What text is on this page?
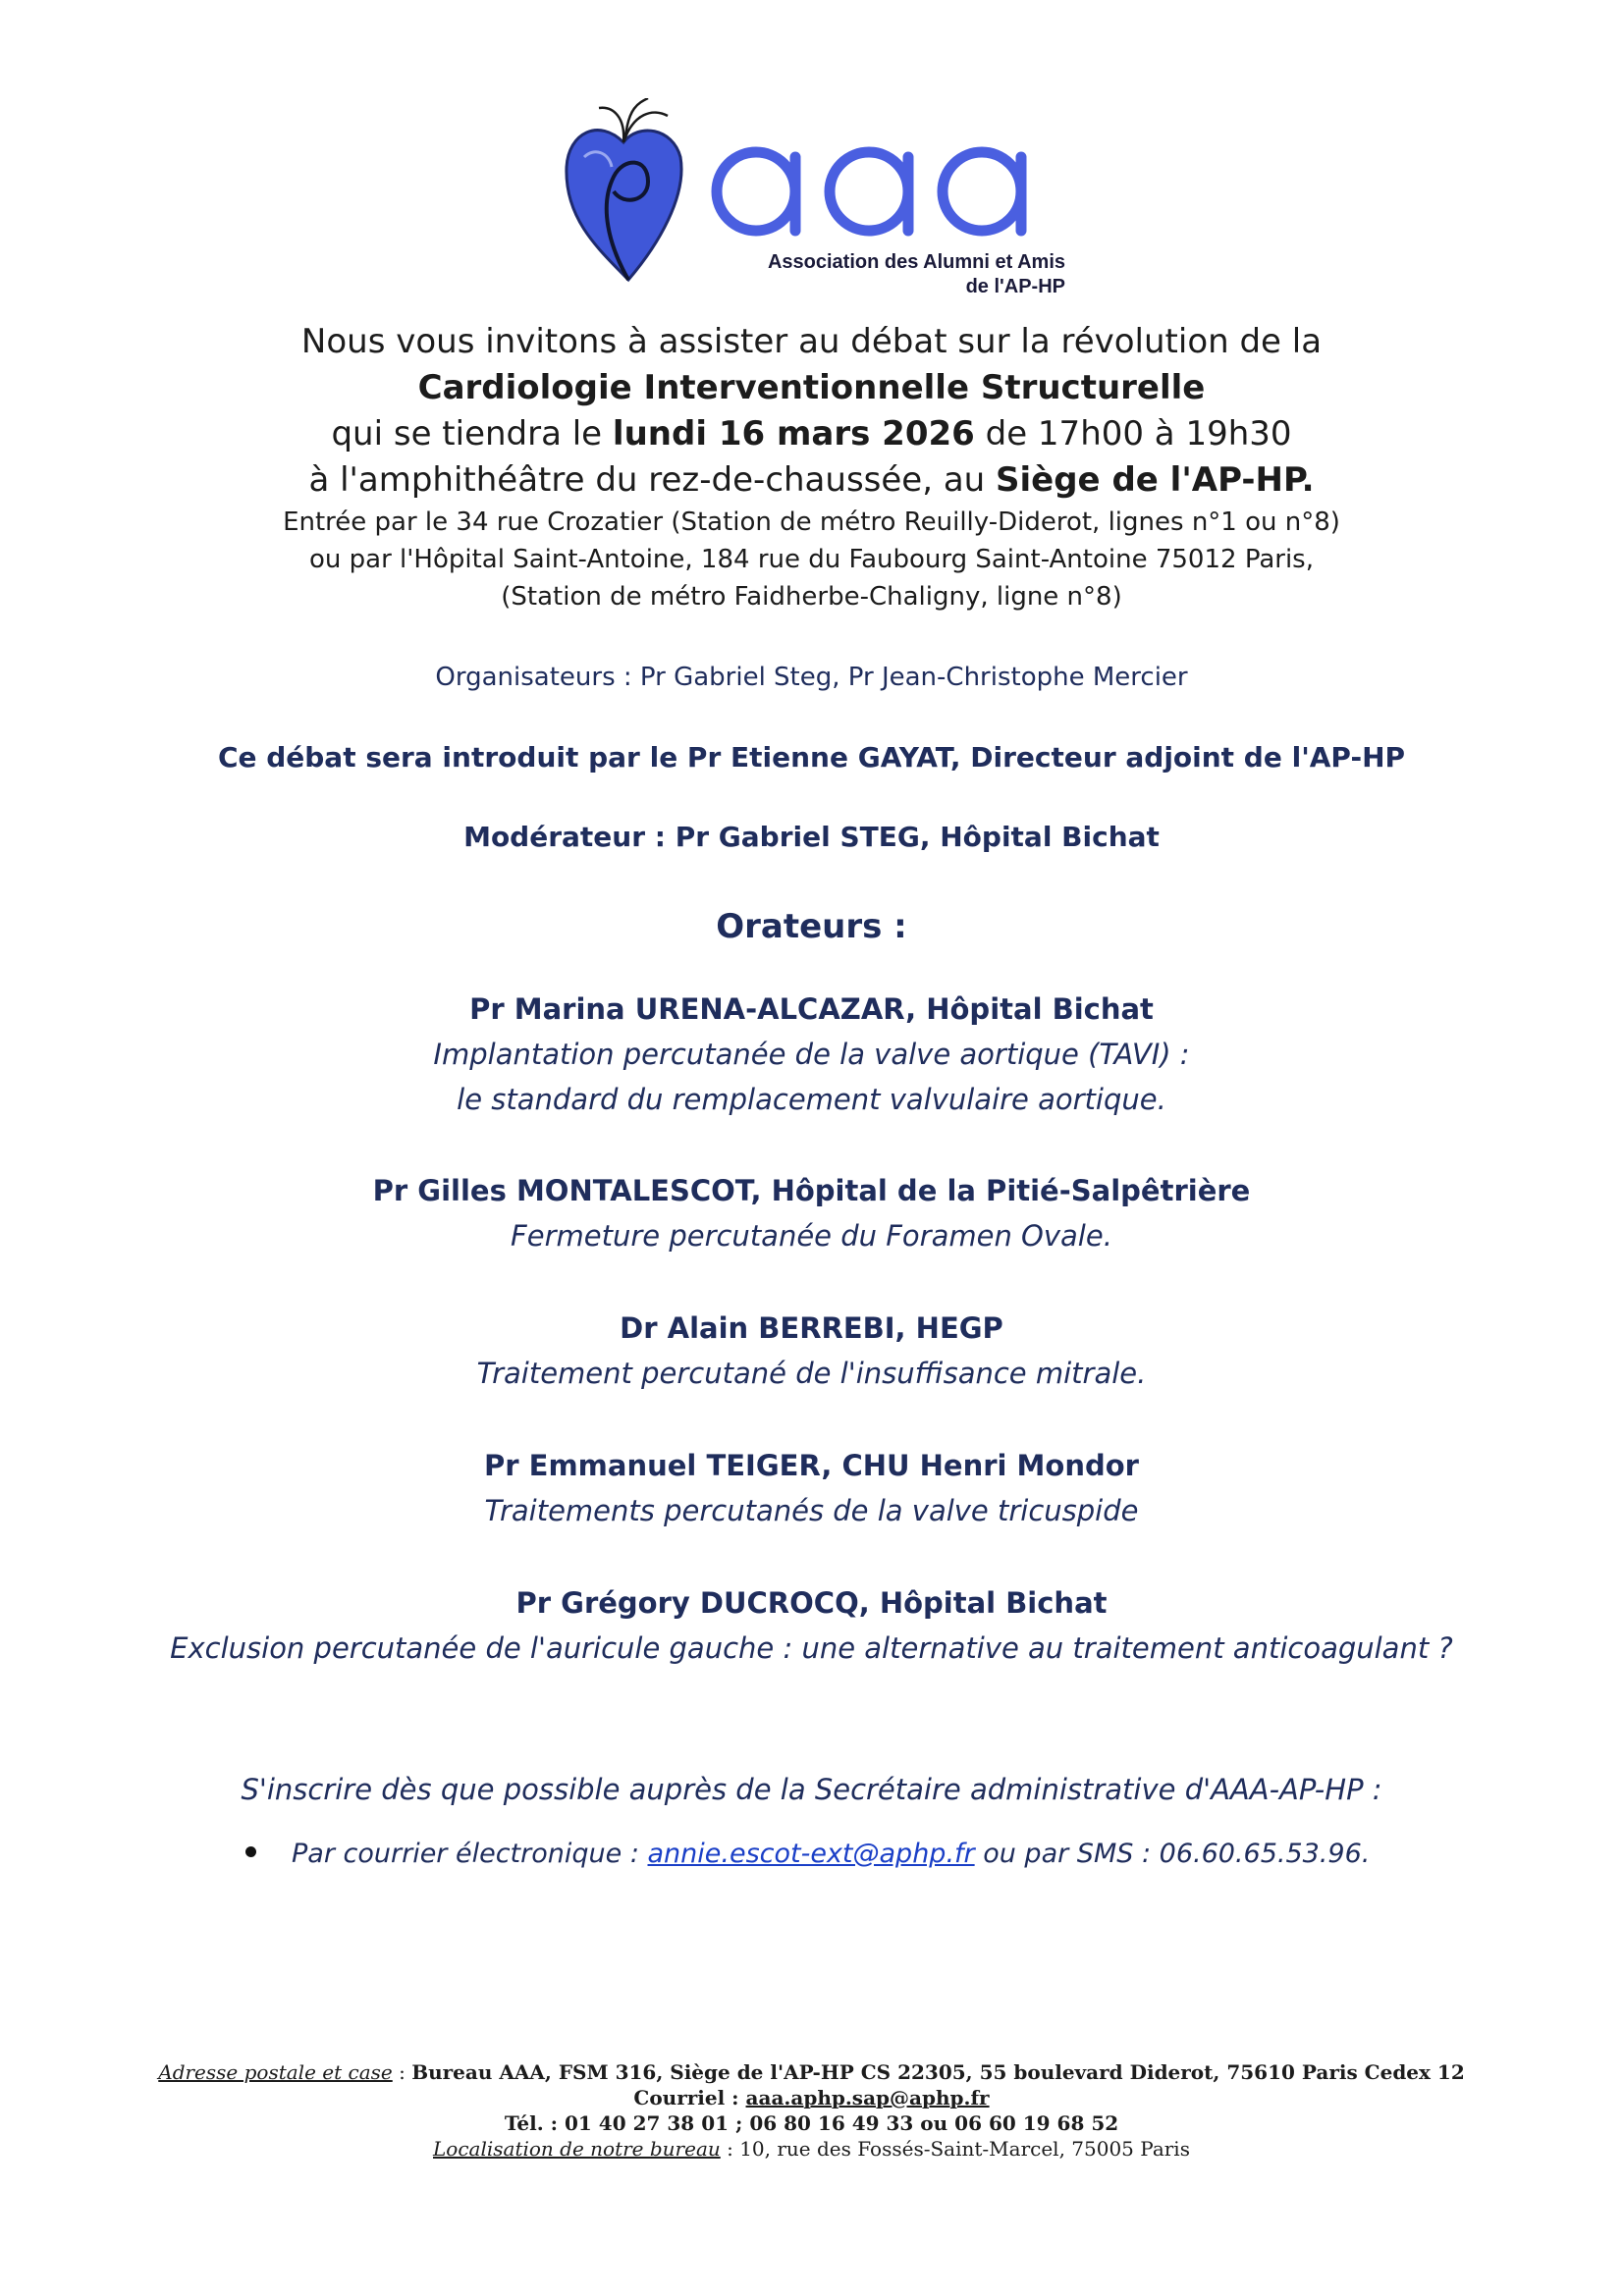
Association des Alumni et Amis
de l'AP-HP
Nous vous invitons à assister au débat sur la révolution de la
Cardiologie Interventionnelle Structurelle
qui se tiendra le lundi 16 mars 2026 de 17h00 à 19h30
à l'amphithéâtre du rez-de-chaussée, au Siège de l'AP-HP.
Entrée par le 34 rue Crozatier (Station de métro Reuilly-Diderot, lignes n°1 ou n°8)
ou par l'Hôpital Saint-Antoine, 184 rue du Faubourg Saint-Antoine 75012 Paris,
(Station de métro Faidherbe-Chaligny, ligne n°8)
Organisateurs : Pr Gabriel Steg, Pr Jean-Christophe Mercier
Ce débat sera introduit par le Pr Etienne GAYAT, Directeur adjoint de l'AP-HP
Modérateur : Pr Gabriel STEG, Hôpital Bichat
Orateurs :
Pr Marina URENA-ALCAZAR, Hôpital Bichat
Implantation percutanée de la valve aortique (TAVI) :
le standard du remplacement valvulaire aortique.
Pr Gilles MONTALESCOT, Hôpital de la Pitié-Salpêtrière
Fermeture percutanée du Foramen Ovale.
Dr Alain BERREBI, HEGP
Traitement percutané de l'insuffisance mitrale.
Pr Emmanuel TEIGER, CHU Henri Mondor
Traitements percutanés de la valve tricuspide
Pr Grégory DUCROCQ, Hôpital Bichat
Exclusion percutanée de l'auricule gauche : une alternative au traitement anticoagulant ?
S'inscrire dès que possible auprès de la Secrétaire administrative d'AAA-AP-HP :
Par courrier électronique : annie.escot-ext@aphp.fr ou par SMS : 06.60.65.53.96.
Adresse postale et case : Bureau AAA, FSM 316, Siège de l'AP-HP CS 22305, 55 boulevard Diderot, 75610 Paris Cedex 12
Courriel : aaa.aphp.sap@aphp.fr
Tél. : 01 40 27 38 01 ; 06 80 16 49 33 ou 06 60 19 68 52
Localisation de notre bureau : 10, rue des Fossés-Saint-Marcel, 75005 Paris
